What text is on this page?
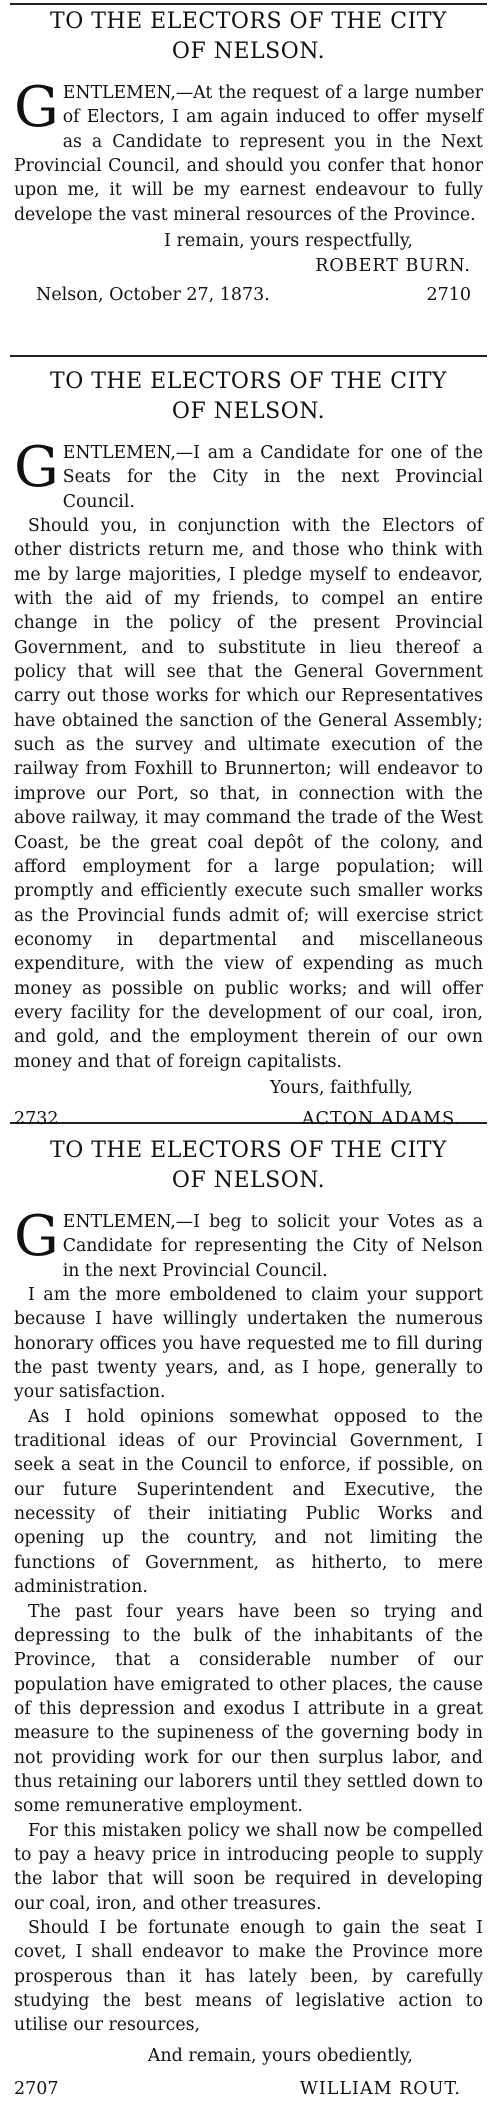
TO THE ELECTORS OF THE CITY
OF NELSON.

GENTLEMEN,—At the request of a large number of Electors, I am again induced to offer myself as a Candidate to represent you in the Next Provincial Council, and should you confer that honor upon me, it will be my earnest endeavour to fully develope the vast mineral resources of the Province.

I remain, yours respectfully,
ROBERT BURN.
Nelson, October 27, 1873.	2710
TO THE ELECTORS OF THE CITY
OF NELSON.

GENTLEMEN,—I am a Candidate for one of the Seats for the City in the next Provincial Council.

Should you, in conjunction with the Electors of other districts return me, and those who think with me by large majorities, I pledge myself to endeavor, with the aid of my friends, to compel an entire change in the policy of the present Provincial Government, and to substitute in lieu thereof a policy that will see that the General Government carry out those works for which our Representatives have obtained the sanction of the General Assembly; such as the survey and ultimate execution of the railway from Foxhill to Brunnerton; will endeavor to improve our Port, so that, in connection with the above railway, it may command the trade of the West Coast, be the great coal depôt of the colony, and afford employment for a large population; will promptly and efficiently execute such smaller works as the Provincial funds admit of; will exercise strict economy in departmental and miscellaneous expenditure, with the view of expending as much money as possible on public works; and will offer every facility for the development of our coal, iron, and gold, and the employment therein of our own money and that of foreign capitalists.

Yours, faithfully,
2732	ACTON ADAMS.
TO THE ELECTORS OF THE CITY
OF NELSON.

GENTLEMEN,—I beg to solicit your Votes as a Candidate for representing the City of Nelson in the next Provincial Council.

I am the more emboldened to claim your support because I have willingly undertaken the numerous honorary offices you have requested me to fill during the past twenty years, and, as I hope, generally to your satisfaction.

As I hold opinions somewhat opposed to the traditional ideas of our Provincial Government, I seek a seat in the Council to enforce, if possible, on our future Superintendent and Executive, the necessity of their initiating Public Works and opening up the country, and not limiting the functions of Government, as hitherto, to mere administration.

The past four years have been so trying and depressing to the bulk of the inhabitants of the Province, that a considerable number of our population have emigrated to other places, the cause of this depression and exodus I attribute in a great measure to the supineness of the governing body in not providing work for our then surplus labor, and thus retaining our laborers until they settled down to some remunerative employment.

For this mistaken policy we shall now be compelled to pay a heavy price in introducing people to supply the labor that will soon be required in developing our coal, iron, and other treasures.

Should I be fortunate enough to gain the seat I covet, I shall endeavor to make the Province more prosperous than it has lately been, by carefully studying the best means of legislative action to utilise our resources,

And remain, yours obediently,
2707	WILLIAM ROUT.
